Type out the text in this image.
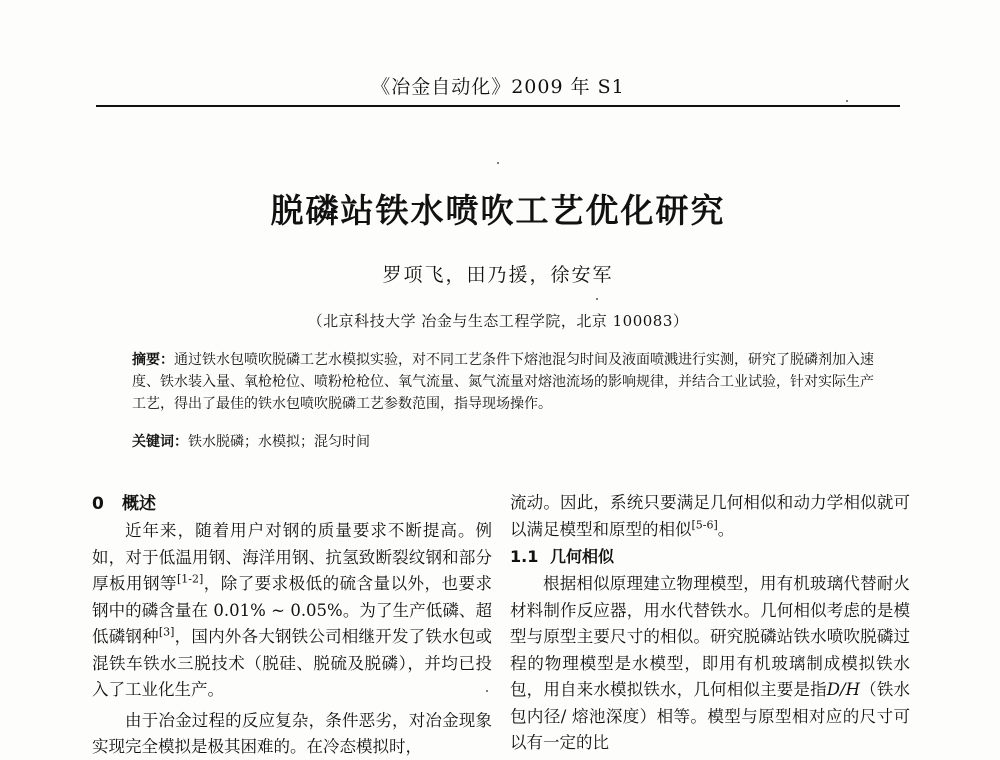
《冶金自动化》2009 年 S1
脱磷站铁水喷吹工艺优化研究
罗项飞，田乃援，徐安军
（北京科技大学 冶金与生态工程学院，北京 100083）
摘要：通过铁水包喷吹脱磷工艺水模拟实验，对不同工艺条件下熔池混匀时间及液面喷溅进行实测，研究了脱磷剂加入速度、铁水装入量、氧枪枪位、喷粉枪枪位、氧气流量、氮气流量对熔池流场的影响规律，并结合工业试验，针对实际生产工艺，得出了最佳的铁水包喷吹脱磷工艺参数范围，指导现场操作。
关键词：铁水脱磷；水模拟；混匀时间
0 概述

近年来，随着用户对钢的质量要求不断提高。例如，对于低温用钢、海洋用钢、抗氢致断裂纹钢和部分厚板用钢等[1-2]，除了要求极低的硫含量以外，也要求钢中的磷含量在 0.01% ~ 0.05%。为了生产低磷、超低磷钢种[3]，国内外各大钢铁公司相继开发了铁水包或混铁车铁水三脱技术（脱硅、脱硫及脱磷），并均已投入了工业化生产。

由于冶金过程的反应复杂，条件恶劣，对冶金现象实现完全模拟是极其困难的。在冷态模拟时，

流动。因此，系统只要满足几何相似和动力学相似就可以满足模型和原型的相似[5-6]。

1.1 几何相似

根据相似原理建立物理模型，用有机玻璃代替耐火材料制作反应器，用水代替铁水。几何相似考虑的是模型与原型主要尺寸的相似。研究脱磷站铁水喷吹脱磷过程的物理模型是水模型，即用有机玻璃制成模拟铁水包，用自来水模拟铁水，几何相似主要是指D/H（铁水包内径/ 熔池深度）相等。模型与原型相对应的尺寸可以有一定的比
